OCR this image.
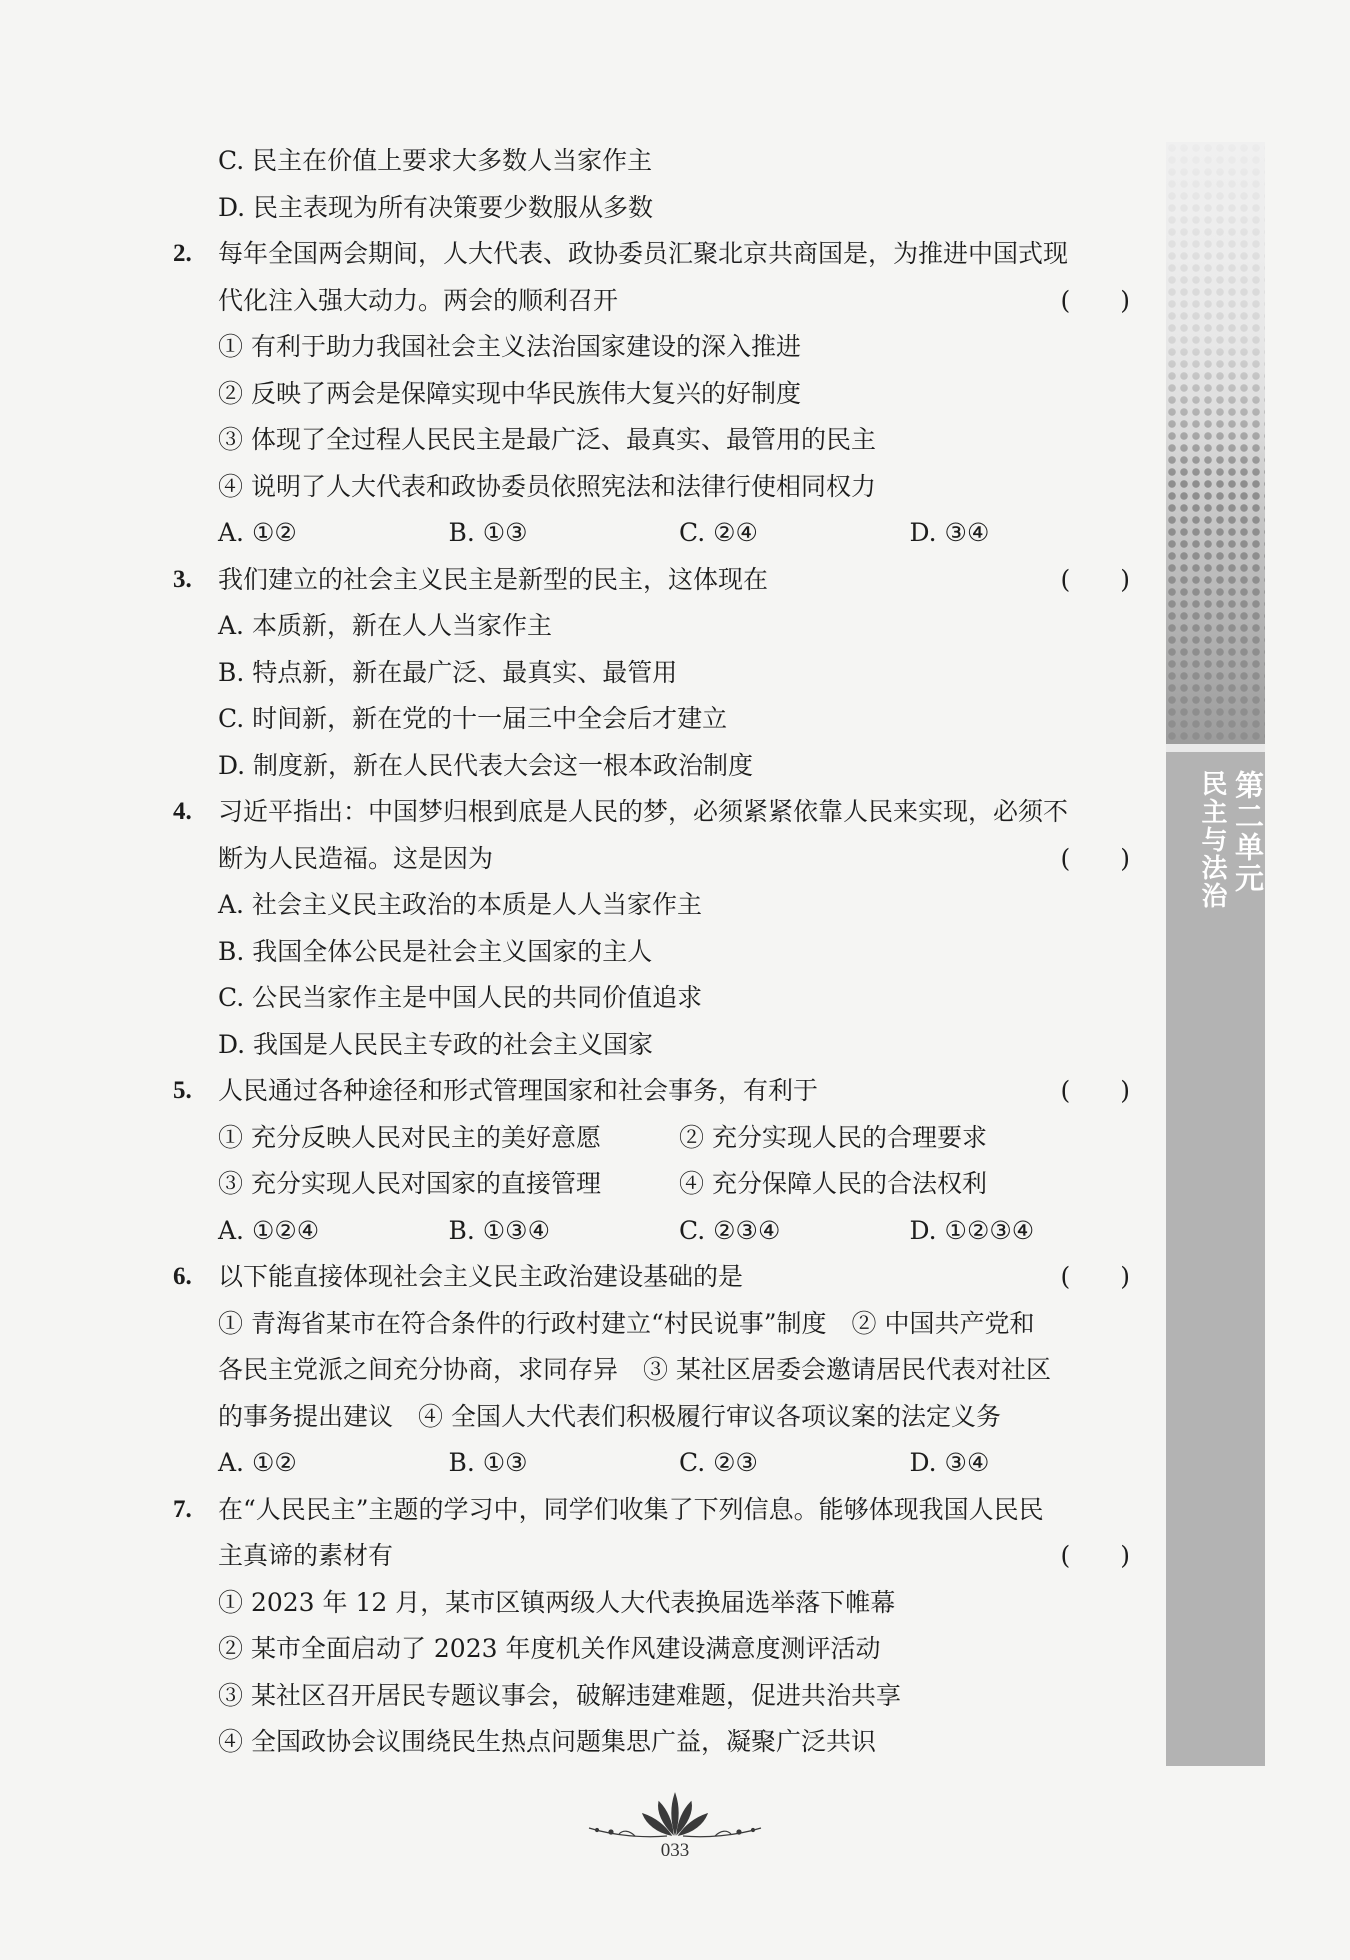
C. 民主在价值上要求大多数人当家作主
D. 民主表现为所有决策要少数服从多数
2. 每年全国两会期间，人大代表、政协委员汇聚北京共商国是，为推进中国式现
代化注入强大动力。两会的顺利召开	(　　)
① 有利于助力我国社会主义法治国家建设的深入推进
② 反映了两会是保障实现中华民族伟大复兴的好制度
③ 体现了全过程人民民主是最广泛、最真实、最管用的民主
④ 说明了人大代表和政协委员依照宪法和法律行使相同权力
A. ①②	B. ①③	C. ②④	D. ③④
3. 我们建立的社会主义民主是新型的民主，这体现在	(　　)
A. 本质新，新在人人当家作主
B. 特点新，新在最广泛、最真实、最管用
C. 时间新，新在党的十一届三中全会后才建立
D. 制度新，新在人民代表大会这一根本政治制度
4. 习近平指出：中国梦归根到底是人民的梦，必须紧紧依靠人民来实现，必须不
断为人民造福。这是因为	(　　)
A. 社会主义民主政治的本质是人人当家作主
B. 我国全体公民是社会主义国家的主人
C. 公民当家作主是中国人民的共同价值追求
D. 我国是人民民主专政的社会主义国家
5. 人民通过各种途径和形式管理国家和社会事务，有利于	(　　)
① 充分反映人民对民主的美好意愿	② 充分实现人民的合理要求
③ 充分实现人民对国家的直接管理	④ 充分保障人民的合法权利
A. ①②④	B. ①③④	C. ②③④	D. ①②③④
6. 以下能直接体现社会主义民主政治建设基础的是	(　　)
① 青海省某市在符合条件的行政村建立“村民说事”制度　② 中国共产党和
各民主党派之间充分协商，求同存异　③ 某社区居委会邀请居民代表对社区
的事务提出建议　④ 全国人大代表们积极履行审议各项议案的法定义务
A. ①②	B. ①③	C. ②③	D. ③④
7. 在“人民民主”主题的学习中，同学们收集了下列信息。能够体现我国人民民
主真谛的素材有	(　　)
① 2023 年 12 月，某市区镇两级人大代表换届选举落下帷幕
② 某市全面启动了 2023 年度机关作风建设满意度测评活动
③ 某社区召开居民专题议事会，破解违建难题，促进共治共享
④ 全国政协会议围绕民生热点问题集思广益，凝聚广泛共识
第二单元
民主与法治
033
